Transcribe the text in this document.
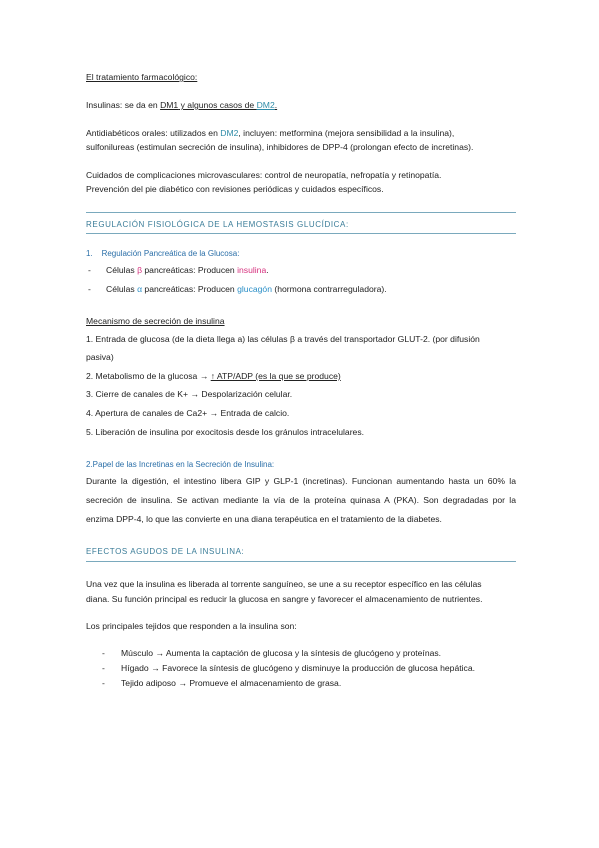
El tratamiento farmacológico:
Insulinas: se da en DM1 y algunos casos de DM2.
Antidiabéticos orales: utilizados en DM2, incluyen: metformina (mejora sensibilidad a la insulina),
sulfonilureas (estimulan secreción de insulina), inhibidores de DPP-4 (prolongan efecto de incretinas).
Cuidados de complicaciones microvasculares: control de neuropatía, nefropatía y retinopatía.
Prevención del pie diabético con revisiones periódicas y cuidados específicos.
REGULACIÓN FISIOLÓGICA DE LA HEMOSTASIS GLUCÍDICA:
1. Regulación Pancreática de la Glucosa:
- Células β pancreáticas: Producen insulina.
- Células α pancreáticas: Producen glucagón (hormona contrarreguladora).
Mecanismo de secreción de insulina
1. Entrada de glucosa (de la dieta llega a) las células β a través del transportador GLUT-2. (por difusión
pasiva)
2. Metabolismo de la glucosa → ↑ ATP/ADP (es la que se produce)
3. Cierre de canales de K+ → Despolarización celular.
4. Apertura de canales de Ca2+ → Entrada de calcio.
5. Liberación de insulina por exocitosis desde los gránulos intracelulares.
2.Papel de las Incretinas en la Secreción de Insulina:
Durante la digestión, el intestino libera GIP y GLP-1 (incretinas). Funcionan aumentando hasta un 60% la
secreción de insulina. Se activan mediante la vía de la proteína quinasa A (PKA). Son degradadas por la
enzima DPP-4, lo que las convierte en una diana terapéutica en el tratamiento de la diabetes.
EFECTOS AGUDOS DE LA INSULINA:
Una vez que la insulina es liberada al torrente sanguíneo, se une a su receptor específico en las células
diana. Su función principal es reducir la glucosa en sangre y favorecer el almacenamiento de nutrientes.
Los principales tejidos que responden a la insulina son:
- Músculo → Aumenta la captación de glucosa y la síntesis de glucógeno y proteínas.
- Hígado → Favorece la síntesis de glucógeno y disminuye la producción de glucosa hepática.
- Tejido adiposo → Promueve el almacenamiento de grasa.
